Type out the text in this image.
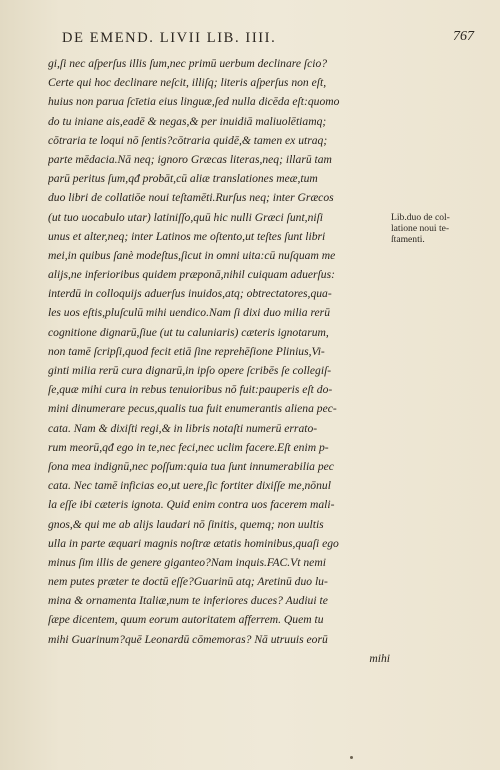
DE EMEND. LIVII LIB. IIII.	767
gi,ſi nec aſperſus illis ſum,nec primū uerbum declinare ſcio?
Certe qui hoc declinare neſcit, illiſq; literis aſperſus non eſt,
huius non parua ſcīetia eius linguæ,ſed nulla dicēda eſt:quomo
do tu iniane ais,eadē & negas,& per inuidiā maliuolētiamq;
cōtraria te loqui nō ſentis?cōtraria quidē,& tamen ex utraq;
parte mēdacia.Nā neq; ignoro Græcas literas,neq; illarū tam
parū peritus ſum,qđ probāt,cū aliæ translationes meæ,tum
duo libri de collatiōe noui teſtamēti.Rurſus neq; inter Græcos
(ut tuo uocabulo utar) latiniſſo,quū hic nulli Græci ſunt,niſi
unus et alter,neq; inter Latinos me oſtento,ut teſtes ſunt libri
mei,in quibus ſanè modeſtus,ſicut in omni uita:cū nuſquam me
alijs,ne inferioribus quidem præponā,nihil cuiquam aduerſus:
interdū in colloquijs aduerſus inuidos,atq; obtrectatores,qua-
les uos eſtis,pluſculū mihi uendico.Nam ſi dixi duo milia rerū
cognitione dignarū,ſiue (ut tu caluniaris) cæteris ignotarum,
non tamē ſcripſi,quod fecit etiā ſine reprehēſione Plinius,Vi-
ginti milia rerū cura dignarū,in ipſo opere ſcribēs ſe collegiſ-
ſe,quæ mihi cura in rebus tenuioribus nō fuit:pauperis eſt do-
mini dinumerare pecus,qualis tua fuit enumerantis aliena pec-
cata. Nam & dixiſti regi,& in libris notaſti numerū errato-
rum meorū,qđ ego in te,nec feci,nec uclim facere.Eſt enim p-
ſona mea indignū,nec poſſum:quia tua ſunt innumerabilia pec
cata. Nec tamē inficias eo,ut uere,ſic fortiter dixiſſe me,nōnul
la eſſe ibi cæteris ignota. Quid enim contra uos facerem mali-
gnos,& qui me ab alijs laudari nō ſinitis, quemq; non uultis
ulla in parte æquari magnis noſtræ ætatis hominibus,quaſi ego
minus ſim illis de genere giganteo?Nam inquis.FAC.Vt nemi
nem putes præter te doctū eſſe?Guarinū atq; Aretinū duo lu-
mina & ornamenta Italiæ,num te inferiores duces? Audiui te
ſæpe dicentem, quum eorum autoritatem afferrem. Quem tu
mihi Guarinum?quē Leonardū cōmemoras? Nā utruuis eorū
mihi
Lib.duo de col-
latione noui te-
ſtamenti.
